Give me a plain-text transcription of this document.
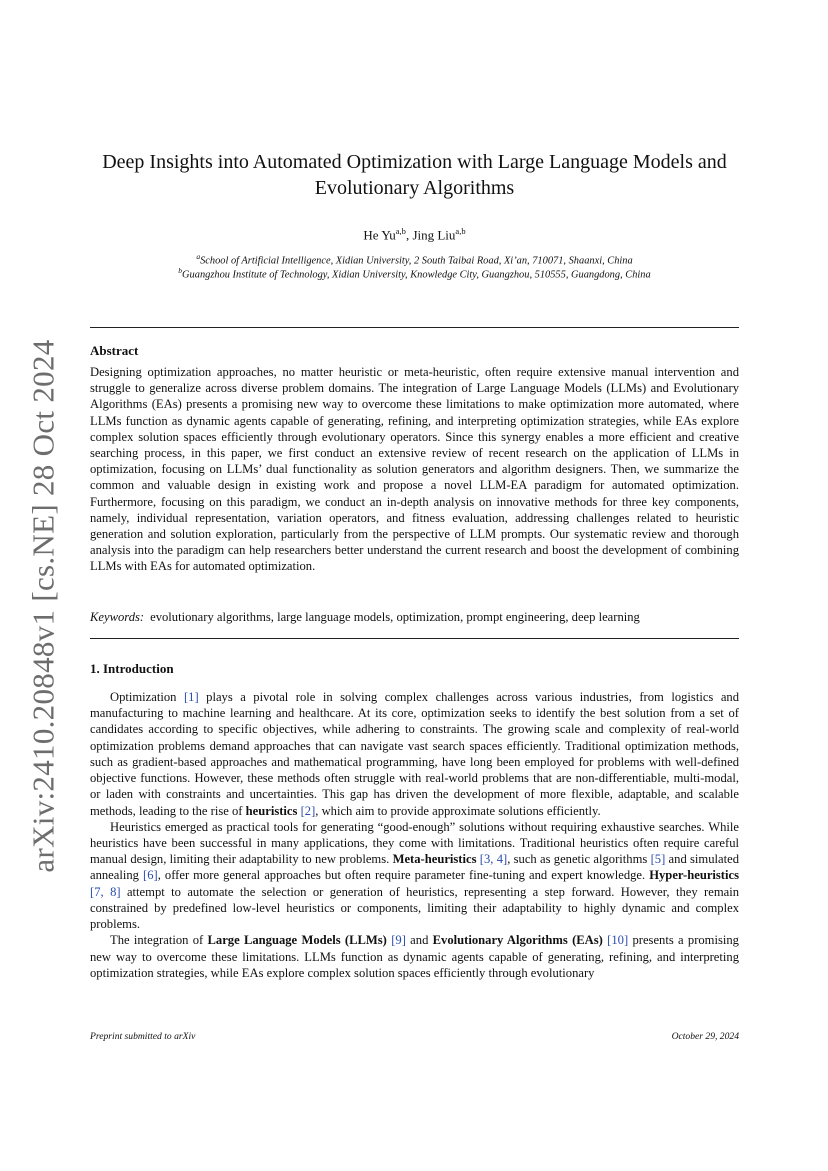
arXiv:2410.20848v1 [cs.NE] 28 Oct 2024
Deep Insights into Automated Optimization with Large Language Models and
Evolutionary Algorithms
He Yu$^{a,b}$, Jing Liu$^{a,b}$
$^a$School of Artificial Intelligence, Xidian University, 2 South Taibai Road, Xi’an, 710071, Shaanxi, China
$^b$Guangzhou Institute of Technology, Xidian University, Knowledge City, Guangzhou, 510555, Guangdong, China
Abstract

Designing optimization approaches, no matter heuristic or meta-heuristic, often require extensive manual intervention and struggle to generalize across diverse problem domains. The integration of Large Language Models (LLMs) and Evolutionary Algorithms (EAs) presents a promising new way to overcome these limitations to make optimization more automated, where LLMs function as dynamic agents capable of generating, refining, and interpreting optimization strategies, while EAs explore complex solution spaces efficiently through evolutionary operators. Since this synergy enables a more efficient and creative searching process, in this paper, we first conduct an extensive review of recent research on the application of LLMs in optimization, focusing on LLMs’ dual functionality as solution generators and algorithm designers. Then, we summarize the common and valuable design in existing work and propose a novel LLM-EA paradigm for automated optimization. Furthermore, focusing on this paradigm, we conduct an in-depth analysis on innovative methods for three key components, namely, individual representation, variation operators, and fitness evaluation, addressing challenges related to heuristic generation and solution exploration, particularly from the perspective of LLM prompts. Our systematic review and thorough analysis into the paradigm can help researchers better understand the current research and boost the development of combining LLMs with EAs for automated optimization.

Keywords: evolutionary algorithms, large language models, optimization, prompt engineering, deep learning
1. Introduction

Optimization [1] plays a pivotal role in solving complex challenges across various industries, from logistics and manufacturing to machine learning and healthcare. At its core, optimization seeks to identify the best solution from a set of candidates according to specific objectives, while adhering to constraints. The growing scale and complexity of real-world optimization problems demand approaches that can navigate vast search spaces efficiently. Traditional optimization methods, such as gradient-based approaches and mathematical programming, have long been employed for problems with well-defined objective functions. However, these methods often struggle with real-world problems that are non-differentiable, multi-modal, or laden with constraints and uncertainties. This gap has driven the development of more flexible, adaptable, and scalable methods, leading to the rise of heuristics [2], which aim to provide approximate solutions efficiently.

Heuristics emerged as practical tools for generating “good-enough” solutions without requiring exhaustive searches. While heuristics have been successful in many applications, they come with limitations. Traditional heuristics often require careful manual design, limiting their adaptability to new problems. Meta-heuristics [3, 4], such as genetic algorithms [5] and simulated annealing [6], offer more general approaches but often require parameter fine-tuning and expert knowledge. Hyper-heuristics [7, 8] attempt to automate the selection or generation of heuristics, representing a step forward. However, they remain constrained by predefined low-level heuristics or components, limiting their adaptability to highly dynamic and complex problems.

The integration of Large Language Models (LLMs) [9] and Evolutionary Algorithms (EAs) [10] presents a promising new way to overcome these limitations. LLMs function as dynamic agents capable of generating, refining, and interpreting optimization strategies, while EAs explore complex solution spaces efficiently through evolutionary

Preprint submitted to arXiv	October 29, 2024
